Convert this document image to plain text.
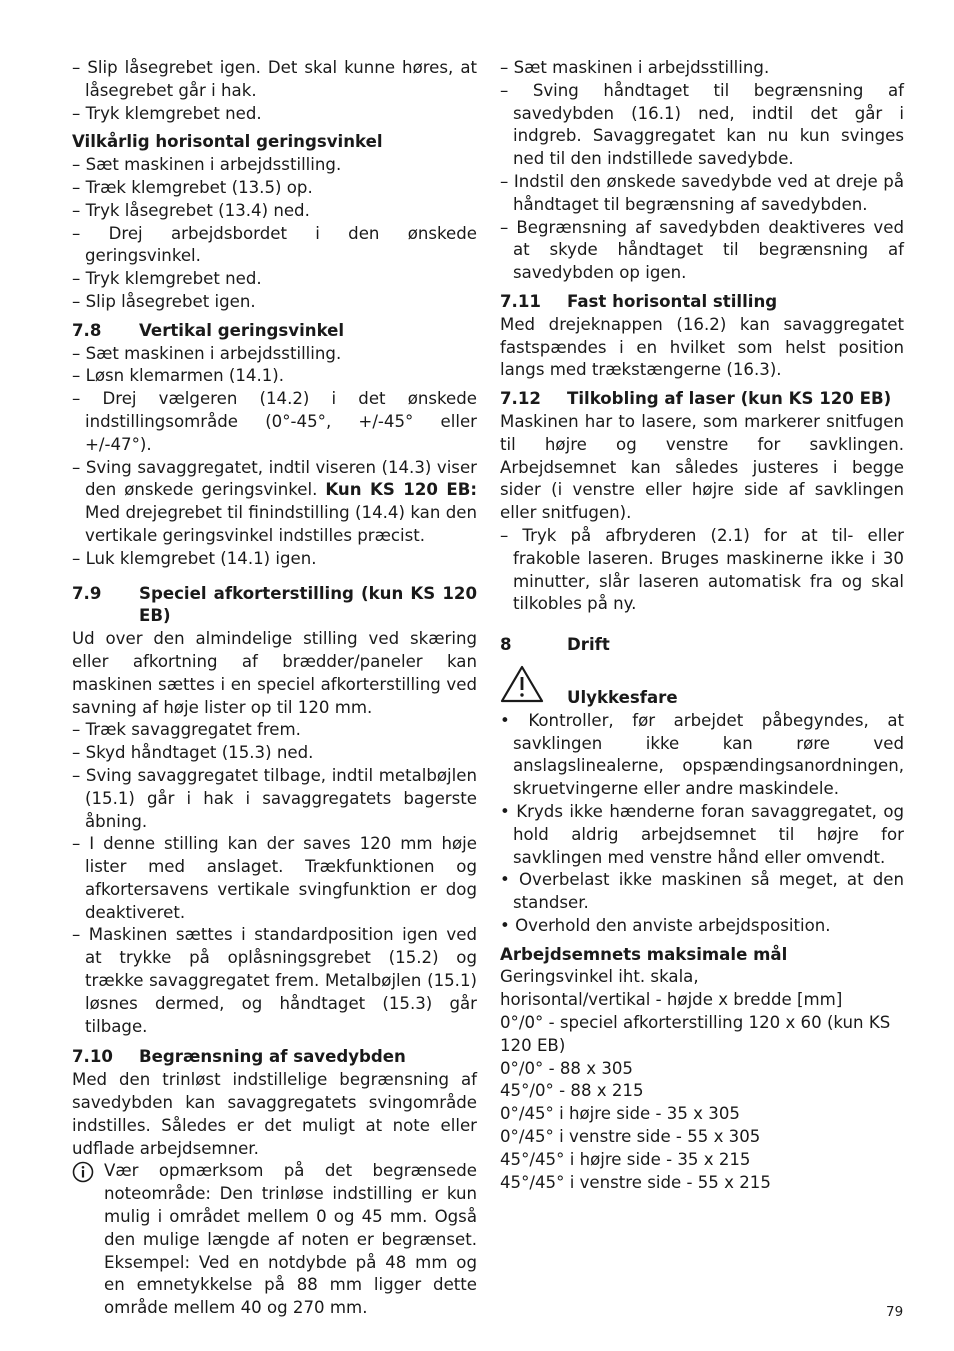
– Slip låsegrebet igen. Det skal kunne høres, at låsegrebet går i hak.

– Tryk klemgrebet ned.

Vilkårlig horisontal geringsvinkel

– Sæt maskinen i arbejdsstilling.

– Træk klemgrebet (13.5) op.

– Tryk låsegrebet (13.4) ned.

– Drej arbejdsbordet i den ønskede geringsvinkel.

– Tryk klemgrebet ned.

– Slip låsegrebet igen.

7.8	Vertikal geringsvinkel

– Sæt maskinen i arbejdsstilling.

– Løsn klemarmen (14.1).

– Drej vælgeren (14.2) i det ønskede indstillingsområde (0°-45°, +/-45° eller +/-47°).

– Sving savaggregatet, indtil viseren (14.3) viser den ønskede geringsvinkel. Kun KS 120 EB: Med drejegrebet til finindstilling (14.4) kan den vertikale geringsvinkel indstilles præcist.

– Luk klemgrebet (14.1) igen.

7.9	Speciel afkorterstilling (kun KS 120 EB)

Ud over den almindelige stilling ved skæring eller afkortning af brædder/paneler kan maskinen sættes i en speciel afkorterstilling ved savning af høje lister op til 120 mm.

– Træk savaggregatet frem.

– Skyd håndtaget (15.3) ned.

– Sving savaggregatet tilbage, indtil metalbøjlen (15.1) går i hak i savaggregatets bagerste åbning.

– I denne stilling kan der saves 120 mm høje lister med anslaget. Trækfunktionen og afkortersavens vertikale svingfunktion er dog deaktiveret.

– Maskinen sættes i standardposition igen ved at trykke på oplåsningsgrebet (15.2) og trække savaggregatet frem. Metalbøjlen (15.1) løsnes dermed, og håndtaget (15.3) går tilbage.

7.10	Begrænsning af savedybden

Med den trinløst indstillelige begrænsning af savedybden kan savaggregatets svingområde indstilles. Således er det muligt at note eller udflade arbejdsemner.

Vær opmærksom på det begrænsede noteområde: Den trinløse indstilling er kun mulig i området mellem 0 og 45 mm. Også den mulige længde af noten er begrænset. Eksempel: Ved en notdybde på 48 mm og en emnetykkelse på 88 mm ligger dette område mellem 40 og 270 mm.

– Sæt maskinen i arbejdsstilling.

– Sving håndtaget til begrænsning af savedybden (16.1) ned, indtil det går i indgreb. Savaggregatet kan nu kun svinges ned til den indstillede savedybde.

– Indstil den ønskede savedybde ved at dreje på håndtaget til begrænsning af savedybden.

– Begrænsning af savedybden deaktiveres ved at skyde håndtaget til begrænsning af savedybden op igen.

7.11	Fast horisontal stilling

Med drejeknappen (16.2) kan savaggregatet fastspændes i en hvilket som helst position langs med trækstængerne (16.3).

7.12	Tilkobling af laser (kun KS 120 EB)

Maskinen har to lasere, som markerer snitfugen til højre og venstre for savklingen. Arbejdsemnet kan således justeres i begge sider (i venstre eller højre side af savklingen eller snitfugen).

– Tryk på afbryderen (2.1) for at til- eller frakoble laseren. Bruges maskinerne ikke i 30 minutter, slår laseren automatisk fra og skal tilkobles på ny.

8	Drift
Ulykkesfare

• Kontroller, før arbejdet påbegyndes, at savklingen ikke kan røre ved anslagslinealerne, opspændingsanordningen, skruetvingerne eller andre maskindele.

• Kryds ikke hænderne foran savaggregatet, og hold aldrig arbejdsemnet til højre for savklingen med venstre hånd eller omvendt.

• Overbelast ikke maskinen så meget, at den standser.

• Overhold den anviste arbejdsposition.

Arbejdsemnets maksimale mål

Geringsvinkel iht. skala,

horisontal/vertikal - højde x bredde [mm]

0°/0° - speciel afkorterstilling 120 x 60 (kun KS 120 EB)

0°/0° - 88 x 305

45°/0° - 88 x 215

0°/45° i højre side - 35 x 305

0°/45° i venstre side - 55 x 305

45°/45° i højre side - 35 x 215

45°/45° i venstre side - 55 x 215

79
